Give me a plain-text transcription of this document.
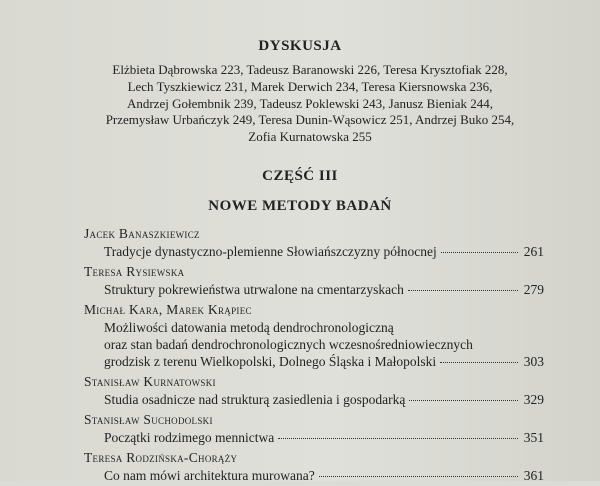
DYSKUSJA
Elżbieta Dąbrowska 223, Tadeusz Baranowski 226, Teresa Krysztofiak 228,
Lech Tyszkiewicz 231, Marek Derwich 234, Teresa Kiersnowska 236,
Andrzej Gołembnik 239, Tadeusz Poklewski 243, Janusz Bieniak 244,
Przemysław Urbańczyk 249, Teresa Dunin-Wąsowicz 251, Andrzej Buko 254,
Zofia Kurnatowska 255
CZĘŚĆ III
NOWE METODY BADAŃ
Jacek Banaszkiewicz
Tradycje dynastyczno-plemienne Słowiańszczyzny północnej	261
Teresa Rysiewska
Struktury pokrewieństwa utrwalone na cmentarzyskach	279
Michał Kara, Marek Krąpiec
Możliwości datowania metodą dendrochronologiczną
oraz stan badań dendrochronologicznych wczesnośredniowiecznych
grodzisk z terenu Wielkopolski, Dolnego Śląska i Małopolski	303
Stanisław Kurnatowski
Studia osadnicze nad strukturą zasiedlenia i gospodarką	329
Stanisław Suchodolski
Początki rodzimego mennictwa	351
Teresa Rodzińska-Chorąży
Co nam mówi architektura murowana?	361
